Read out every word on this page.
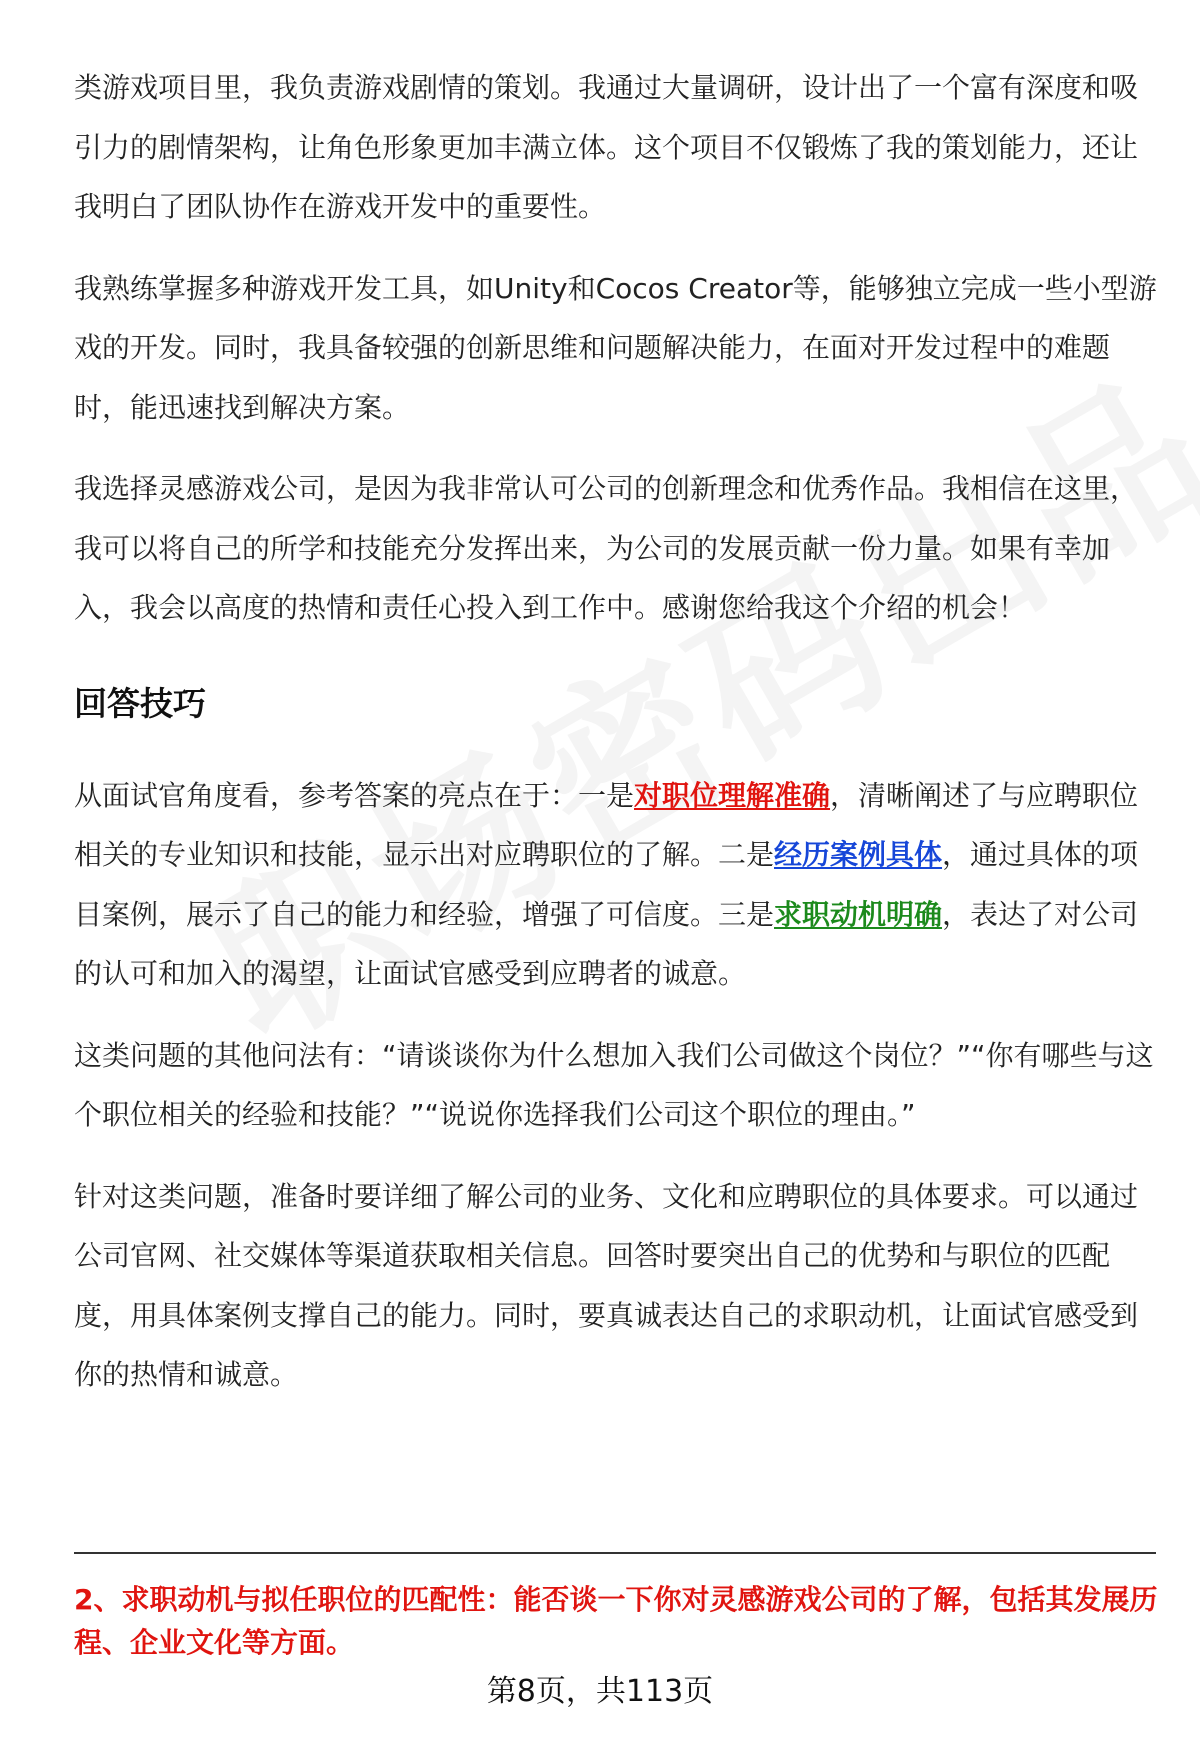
类游戏项目里，我负责游戏剧情的策划。我通过大量调研，设计出了一个富有深度和吸引力的剧情架构，让角色形象更加丰满立体。这个项目不仅锻炼了我的策划能力，还让我明白了团队协作在游戏开发中的重要性。

我熟练掌握多种游戏开发工具，如Unity和Cocos Creator等，能够独立完成一些小型游戏的开发。同时，我具备较强的创新思维和问题解决能力，在面对开发过程中的难题时，能迅速找到解决方案。

我选择灵感游戏公司，是因为我非常认可公司的创新理念和优秀作品。我相信在这里，我可以将自己的所学和技能充分发挥出来，为公司的发展贡献一份力量。如果有幸加入，我会以高度的热情和责任心投入到工作中。感谢您给我这个介绍的机会！

回答技巧

从面试官角度看，参考答案的亮点在于：一是对职位理解准确，清晰阐述了与应聘职位相关的专业知识和技能，显示出对应聘职位的了解。二是经历案例具体，通过具体的项目案例，展示了自己的能力和经验，增强了可信度。三是求职动机明确，表达了对公司的认可和加入的渴望，让面试官感受到应聘者的诚意。

这类问题的其他问法有：“请谈谈你为什么想加入我们公司做这个岗位？”“你有哪些与这个职位相关的经验和技能？”“说说你选择我们公司这个职位的理由。”

针对这类问题，准备时要详细了解公司的业务、文化和应聘职位的具体要求。可以通过公司官网、社交媒体等渠道获取相关信息。回答时要突出自己的优势和与职位的匹配度，用具体案例支撑自己的能力。同时，要真诚表达自己的求职动机，让面试官感受到你的热情和诚意。

2、求职动机与拟任职位的匹配性：能否谈一下你对灵感游戏公司的了解，包括其发展历程、企业文化等方面。

第8页，共113页
